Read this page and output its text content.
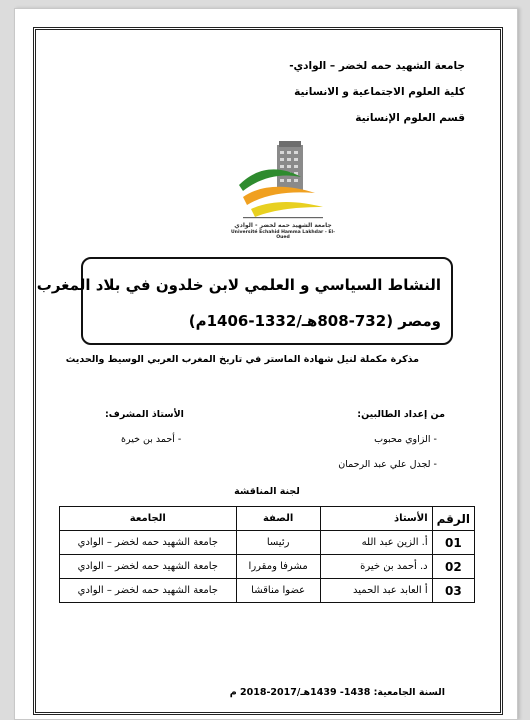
جامعة الشهيد حمه لخضر – الوادي-
كلية العلوم الاجتماعية و الانسانية
قسم العلوم الإنسانية
جامعة الشهيد حمه لخضر - الوادي
Université Echahid Hamma Lakhdar - El-Oued
النشاط السياسي و العلمي لابن خلدون في بلاد المغرب
ومصر (732-808هـ/1332-1406م)
مذكرة مكملة لنيل شهادة الماستر في تاريخ المغرب العربي الوسيط والحديث
من إعداد الطالبين:
- الزاوي محبوب
- لجدل علي عبد الرحمان
الأستاذ المشرف:
- أحمد بن خيرة
لجنة المناقشة
الرقم	الأستاذ	الصفة	الجامعة
01	أ. الزين عبد الله	رئيسا	جامعة الشهيد حمه لخضر – الوادي
02	د. أحمد بن خيرة	مشرفا ومقررا	جامعة الشهيد حمه لخضر – الوادي
03	أ العابد عبد الحميد	عضوا مناقشا	جامعة الشهيد حمه لخضر – الوادي
السنة الجامعية: 1438- 1439هـ/2017-2018 م
